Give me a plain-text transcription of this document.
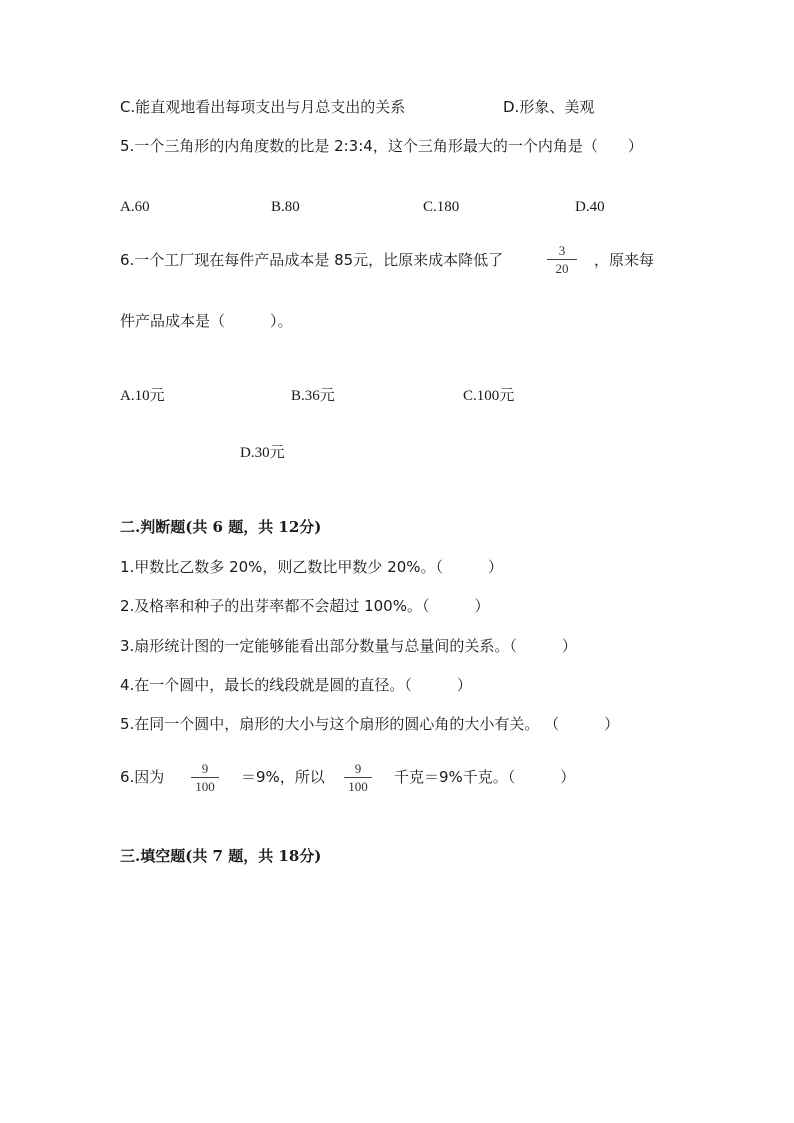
C.能直观地看出每项支出与月总支出的关系	D.形象、美观
5.一个三角形的内角度数的比是 2:3:4，这个三角形最大的一个内角是（　　）
A.60	B.80	C.180	D.40
6.一个工厂现在每件产品成本是 85元，比原来成本降低了
3
20	，原来每
件产品成本是（　　　）。
A.10元	B.36元	C.100元
D.30元
二.判断题(共 6 题，共 12分)
1.甲数比乙数多 20%，则乙数比甲数少 20%。（　　　）
2.及格率和种子的出芽率都不会超过 100%。（　　　）
3.扇形统计图的一定能够能看出部分数量与总量间的关系。（　　　）
4.在一个圆中，最长的线段就是圆的直径。（　　　）
5.在同一个圆中，扇形的大小与这个扇形的圆心角的大小有关。 （　　　）
6.因为	9
100
＝9%，所以	9
100
千克＝9%千克。（　　　）
三.填空题(共 7 题，共 18分)
